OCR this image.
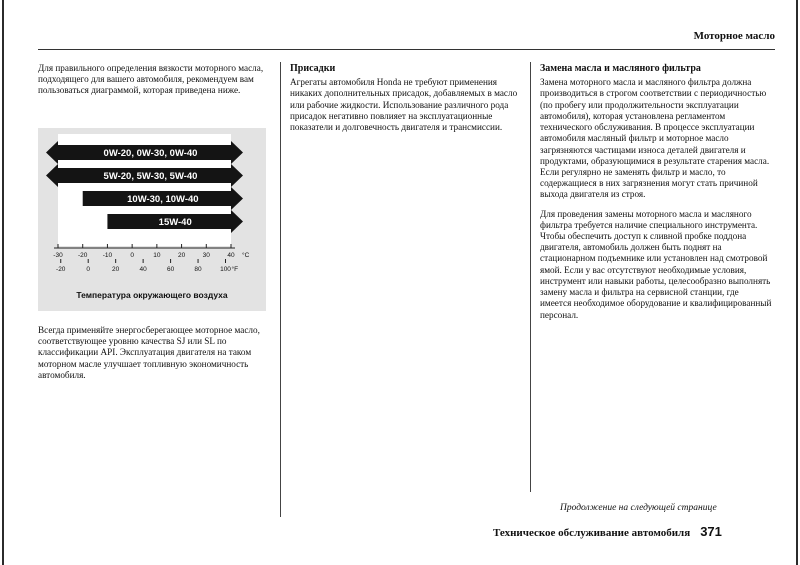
Моторное масло

Для правильного определения вязкости моторного масла, подходящего для вашего автомобиля, рекомендуем вам пользоваться диаграммой, которая приведена ниже.

Всегда применяйте энергосберегающее моторное масло, соответствующее уровню качества SJ или SL по классификации API. Эксплуатация двигателя на таком моторном масле улучшает топливную экономичность автомобиля.

0W-20, 0W-30, 0W-40
5W-20, 5W-30, 5W-40
10W-30, 10W-40
15W-40
-30 -20 -10	0	10	20	30	40 °C
-20	0	20	40	60	80	100 °F
Температура окружающего воздуха
Присадки

Агрегаты автомобиля Honda не требуют применения никаких дополнительных присадок, добавляемых в масло или рабочие жидкости. Использование различного рода присадок негативно повлияет на эксплуатационные показатели и долговечность двигателя и трансмиссии.

Замена масла и масляного фильтра

Замена моторного масла и масляного фильтра должна производиться в строгом соответствии с периодичностью (по пробегу или продолжительности эксплуатации автомобиля), которая установлена регламентом технического обслуживания. В процессе эксплуатации автомобиля масляный фильтр и моторное масло загрязняются частицами износа деталей двигателя и продуктами, образующимися в результате старения масла. Если регулярно не заменять фильтр и масло, то содержащиеся в них загрязнения могут стать причиной выхода двигателя из строя.

Для проведения замены моторного масла и масляного фильтра требуется наличие специального инструмента. Чтобы обеспечить доступ к сливной пробке поддона двигателя, автомобиль должен быть поднят на стационарном подъемнике или установлен над смотровой ямой. Если у вас отсутствуют необходимые условия, инструмент или навыки работы, целесообразно выполнять замену масла и фильтра на сервисной станции, где имеется необходимое оборудование и квалифицированный персонал.

Продолжение на следующей странице
Техническое обслуживание автомобиля 371
